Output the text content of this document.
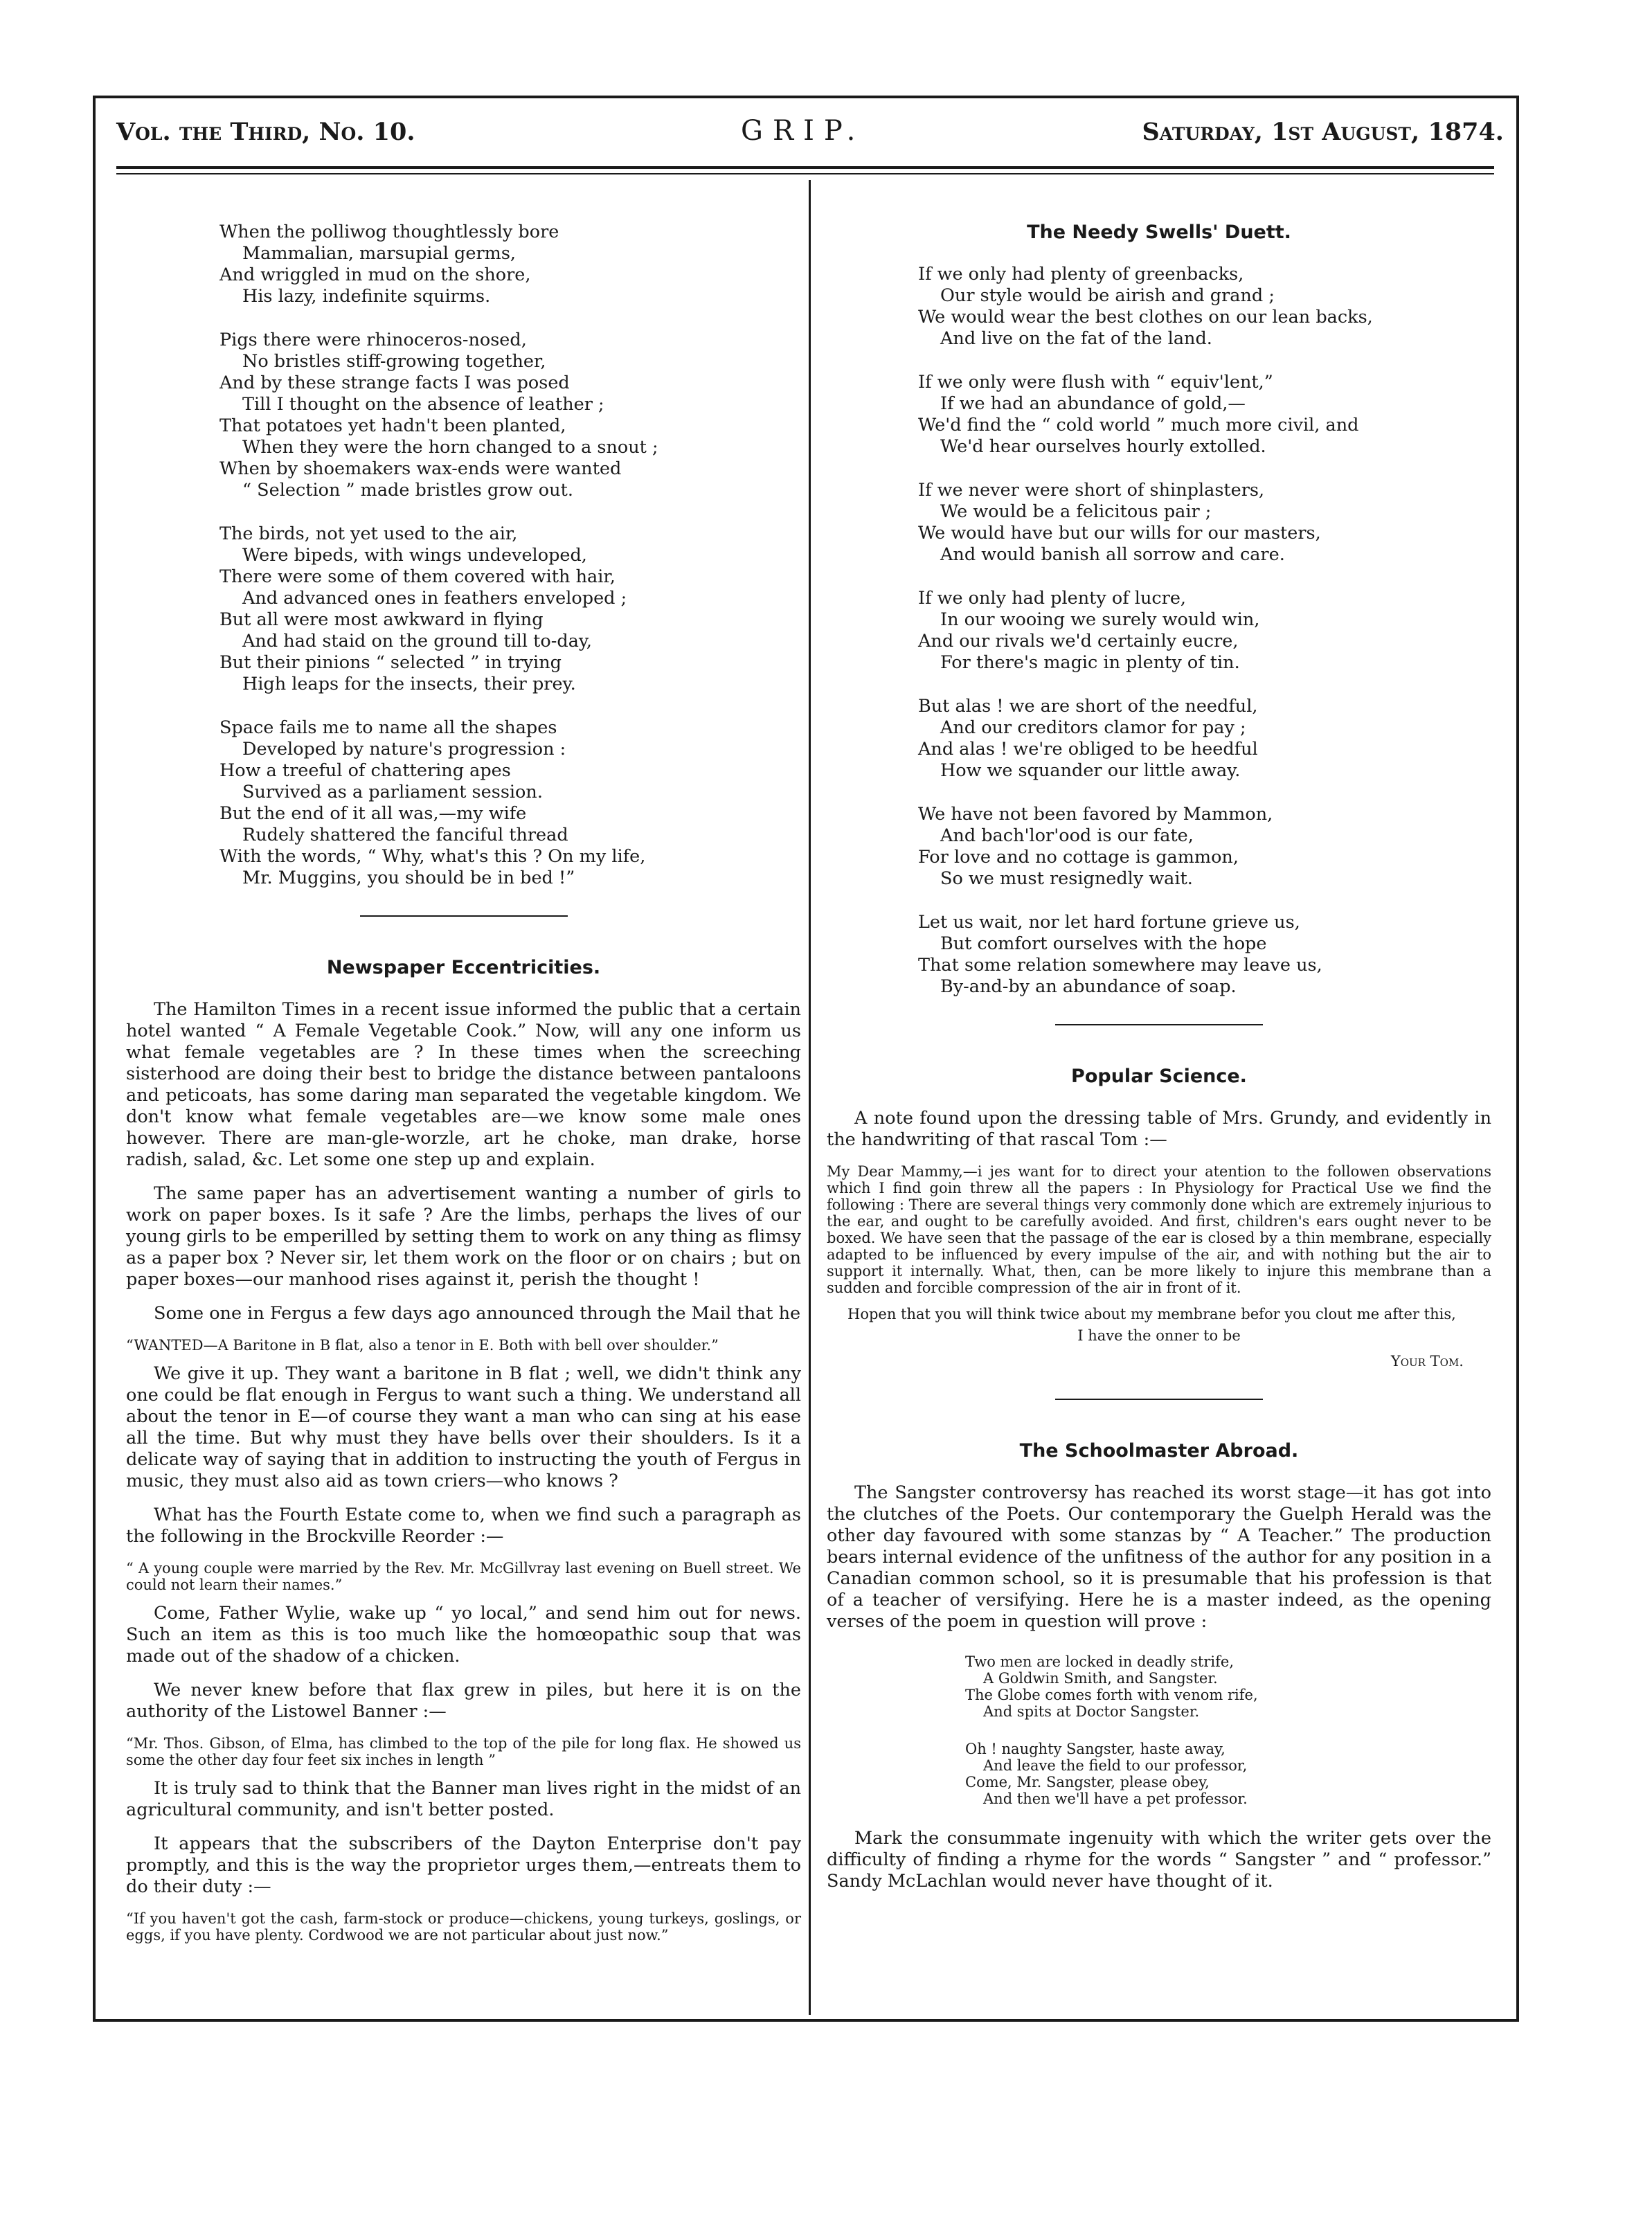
Vol. the Third, No. 10.	GRIP.	Saturday, 1st August, 1874.

When the polliwog thoughtlessly bore

Mammalian, marsupial germs,

And wriggled in mud on the shore,

His lazy, indefinite squirms.

Pigs there were rhinoceros-nosed,

No bristles stiff-growing together,

And by these strange facts I was posed

Till I thought on the absence of leather ;

That potatoes yet hadn't been planted,

When they were the horn changed to a snout ;

When by shoemakers wax-ends were wanted

“ Selection ” made bristles grow out.

The birds, not yet used to the air,

Were bipeds, with wings undeveloped,

There were some of them covered with hair,

And advanced ones in feathers enveloped ;

But all were most awkward in flying

And had staid on the ground till to-day,

But their pinions “ selected ” in trying

High leaps for the insects, their prey.

Space fails me to name all the shapes

Developed by nature's progression :

How a treeful of chattering apes

Survived as a parliament session.

But the end of it all was,—my wife

Rudely shattered the fanciful thread

With the words, “ Why, what's this ? On my life,

Mr. Muggins, you should be in bed !”

Newspaper Eccentricities.

The Hamilton Times in a recent issue informed the public that a certain hotel wanted “ A Female Vegetable Cook.” Now, will any one inform us what female vegetables are ? In these times when the screeching sisterhood are doing their best to bridge the distance between pantaloons and peticoats, has some daring man separated the vegetable kingdom. We don't know what female vegetables are—we know some male ones however. There are man-gle-worzle, art he choke, man drake, horse radish, salad, &c. Let some one step up and explain.

The same paper has an advertisement wanting a number of girls to work on paper boxes. Is it safe ? Are the limbs, perhaps the lives of our young girls to be emperilled by setting them to work on any thing as flimsy as a paper box ? Never sir, let them work on the floor or on chairs ; but on paper boxes—our manhood rises against it, perish the thought !

Some one in Fergus a few days ago announced through the Mail that he

“WANTED—A Baritone in B flat, also a tenor in E. Both with bell over shoulder.”

We give it up. They want a baritone in B flat ; well, we didn't think any one could be flat enough in Fergus to want such a thing. We understand all about the tenor in E—of course they want a man who can sing at his ease all the time. But why must they have bells over their shoulders. Is it a delicate way of saying that in addition to instructing the youth of Fergus in music, they must also aid as town criers—who knows ?

What has the Fourth Estate come to, when we find such a paragraph as the following in the Brockville Reorder :—

“ A young couple were married by the Rev. Mr. McGillvray last evening on Buell street. We could not learn their names.”

Come, Father Wylie, wake up “ yo local,” and send him out for news. Such an item as this is too much like the homœopathic soup that was made out of the shadow of a chicken.

We never knew before that flax grew in piles, but here it is on the authority of the Listowel Banner :—

“Mr. Thos. Gibson, of Elma, has climbed to the top of the pile for long flax. He showed us some the other day four feet six inches in length ”

It is truly sad to think that the Banner man lives right in the midst of an agricultural community, and isn't better posted.

It appears that the subscribers of the Dayton Enterprise don't pay promptly, and this is the way the proprietor urges them,—entreats them to do their duty :—

“If you haven't got the cash, farm-stock or produce—chickens, young turkeys, goslings, or eggs, if you have plenty. Cordwood we are not particular about just now.”

The Needy Swells' Duett.

If we only had plenty of greenbacks,

Our style would be airish and grand ;

We would wear the best clothes on our lean backs,

And live on the fat of the land.

If we only were flush with “ equiv'lent,”

If we had an abundance of gold,—

We'd find the “ cold world ” much more civil, and

We'd hear ourselves hourly extolled.

If we never were short of shinplasters,

We would be a felicitous pair ;

We would have but our wills for our masters,

And would banish all sorrow and care.

If we only had plenty of lucre,

In our wooing we surely would win,

And our rivals we'd certainly eucre,

For there's magic in plenty of tin.

But alas ! we are short of the needful,

And our creditors clamor for pay ;

And alas ! we're obliged to be heedful

How we squander our little away.

We have not been favored by Mammon,

And bach'lor'ood is our fate,

For love and no cottage is gammon,

So we must resignedly wait.

Let us wait, nor let hard fortune grieve us,

But comfort ourselves with the hope

That some relation somewhere may leave us,

By-and-by an abundance of soap.

Popular Science.

A note found upon the dressing table of Mrs. Grundy, and evidently in the handwriting of that rascal Tom :—

My Dear Mammy,—i jes want for to direct your atention to the followen observations which I find goin threw all the papers : In Physiology for Practical Use we find the following : There are several things very commonly done which are extremely injurious to the ear, and ought to be carefully avoided. And first, children's ears ought never to be boxed. We have seen that the passage of the ear is closed by a thin membrane, especially adapted to be influenced by every impulse of the air, and with nothing but the air to support it internally. What, then, can be more likely to injure this membrane than a sudden and forcible compression of the air in front of it.

Hopen that you will think twice about my membrane befor you clout me after this,

I have the onner to be

Your Tom.

The Schoolmaster Abroad.

The Sangster controversy has reached its worst stage—it has got into the clutches of the Poets. Our contemporary the Guelph Herald was the other day favoured with some stanzas by “ A Teacher.” The production bears internal evidence of the unfitness of the author for any position in a Canadian common school, so it is presumable that his profession is that of a teacher of versifying. Here he is a master indeed, as the opening verses of the poem in question will prove :

Two men are locked in deadly strife,

A Goldwin Smith, and Sangster.

The Globe comes forth with venom rife,

And spits at Doctor Sangster.

Oh ! naughty Sangster, haste away,

And leave the field to our professor,

Come, Mr. Sangster, please obey,

And then we'll have a pet professor.

Mark the consummate ingenuity with which the writer gets over the difficulty of finding a rhyme for the words “ Sangster ” and “ professor.” Sandy McLachlan would never have thought of it.
